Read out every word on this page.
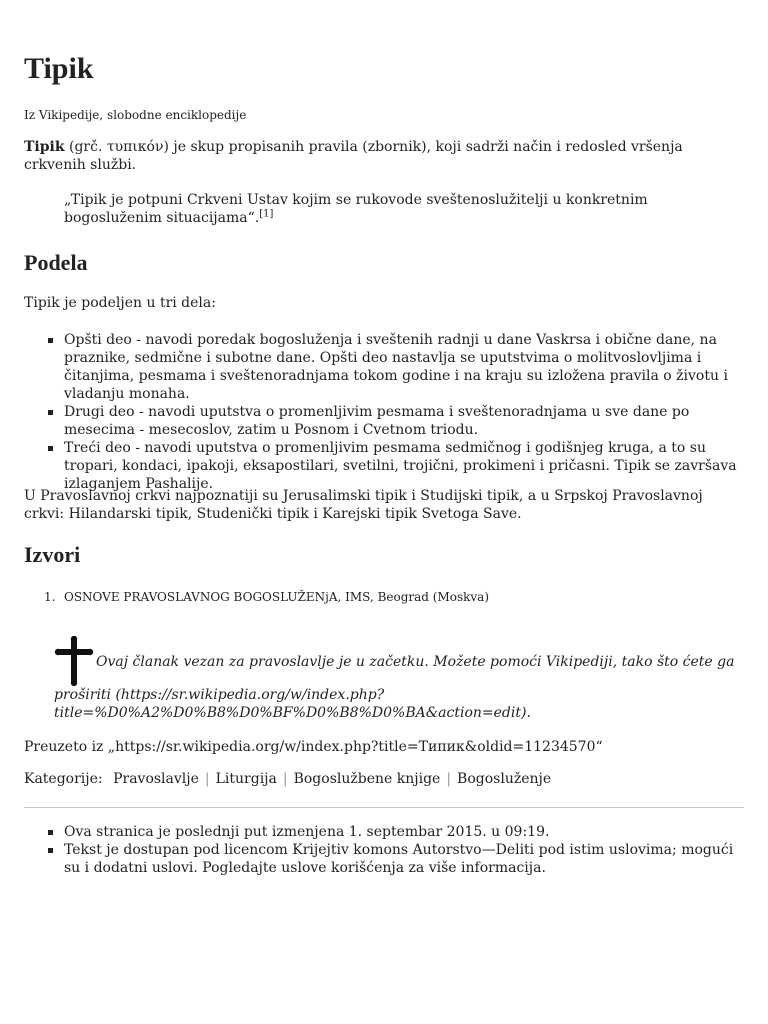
Tipik
Iz Vikipedije, slobodne enciklopedije
Tipik (grč. τυπικόν) je skup propisanih pravila (zbornik), koji sadrži način i redosled vršenja crkvenih službi.
„Tipik je potpuni Crkveni Ustav kojim se rukovode sveštenoslužitelji u konkretnim bogosluženim situacijama“.[1]
Podela
Tipik je podeljen u tri dela:
Opšti deo - navodi poredak bogosluženja i sveštenih radnji u dane Vaskrsa i obične dane, na praznike, sedmične i subotne dane. Opšti deo nastavlja se uputstvima o molitvoslovljima i čitanjima, pesmama i sveštenoradnjama tokom godine i na kraju su izložena pravila o životu i vladanju monaha.
Drugi deo - navodi uputstva o promenljivim pesmama i sveštenoradnjama u sve dane po mesecima - mesecoslov, zatim u Posnom i Cvetnom triodu.
Treći deo - navodi uputstva o promenljivim pesmama sedmičnog i godišnjeg kruga, a to su tropari, kondaci, ipakoji, eksapostilari, svetilni, trojični, prokimeni i pričasni. Tipik se završava izlaganjem Pashalije.
U Pravoslavnoj crkvi najpoznatiji su Jerusalimski tipik i Studijski tipik, a u Srpskoj Pravoslavnoj crkvi: Hilandarski tipik, Studenički tipik i Karejski tipik Svetoga Save.
Izvori
1. OSNOVE PRAVOSLAVNOG BOGOSLUŽENjA, IMS, Beograd (Moskva)
Ovaj članak vezan za pravoslavlje je u začetku. Možete pomoći Vikipediji, tako što ćete ga
proširiti (https://sr.wikipedia.org/w/index.php?title=%D0%A2%D0%B8%D0%BF%D0%B8%D0%BA&action=edit).
Preuzeto iz „https://sr.wikipedia.org/w/index.php?title=Типик&oldid=11234570“
Kategorije: Pravoslavlje | Liturgija | Bogoslužbene knjige | Bogosluženje
Ova stranica je poslednji put izmenjena 1. septembar 2015. u 09:19.
Tekst je dostupan pod licencom Krijejtiv komons Autorstvo—Deliti pod istim uslovima; mogući su i dodatni uslovi. Pogledajte uslove korišćenja za više informacija.
